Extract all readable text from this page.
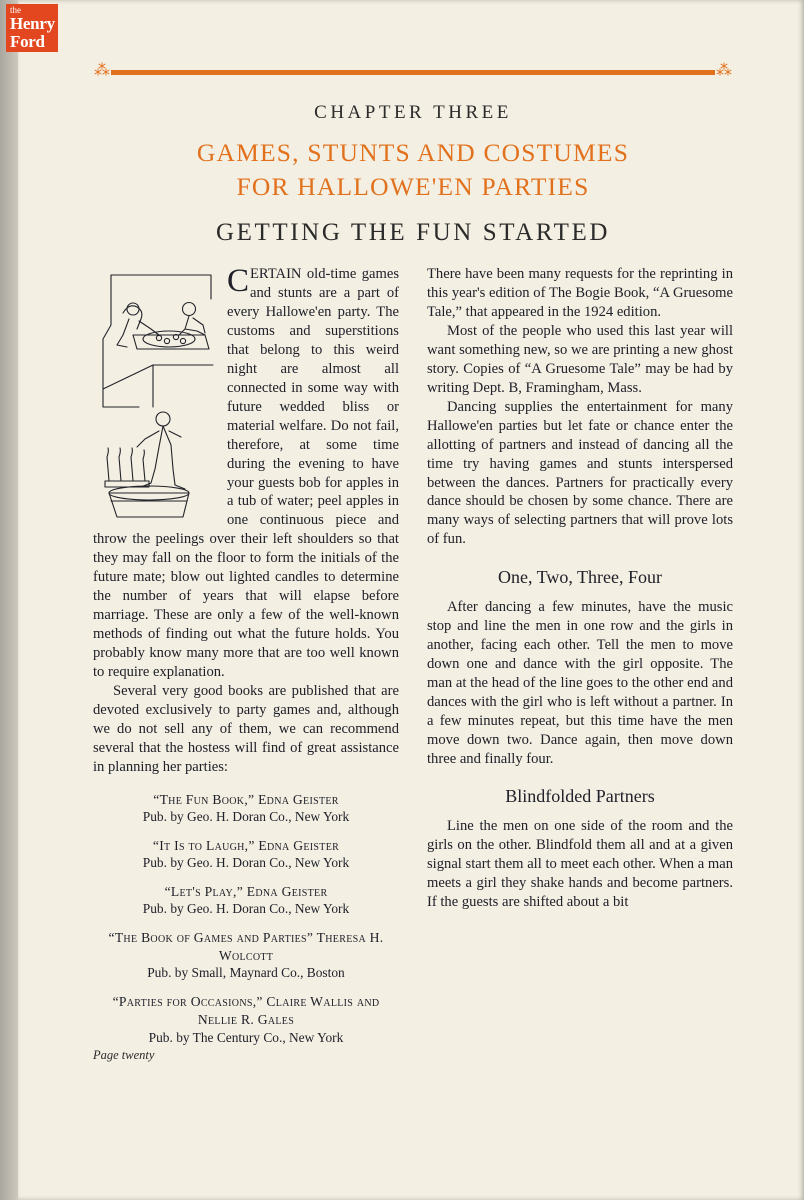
⁂	⁂
CHAPTER THREE
GAMES, STUNTS AND COSTUMES
FOR HALLOWE'EN PARTIES
GETTING THE FUN STARTED

CERTAIN old-time games and stunts are a part of every Hallowe'en party. The customs and superstitions that belong to this weird night are almost all connected in some way with future wedded bliss or material welfare. Do not fail, therefore, at some time during the evening to have your guests bob for apples in a tub of water; peel apples in one continuous piece and throw the peelings over their left shoulders so that they may fall on the floor to form the initials of the future mate; blow out lighted candles to determine the number of years that will elapse before marriage. These are only a few of the well-known methods of finding out what the future holds. You probably know many more that are too well known to require explanation.

Several very good books are published that are devoted exclusively to party games and, although we do not sell any of them, we can recommend several that the hostess will find of great assistance in planning her parties:

“The Fun Book,” Edna Geister
Pub. by Geo. H. Doran Co., New York
“It Is to Laugh,” Edna Geister
Pub. by Geo. H. Doran Co., New York
“Let's Play,” Edna Geister
Pub. by Geo. H. Doran Co., New York
“The Book of Games and Parties” Theresa H. Wolcott
Pub. by Small, Maynard Co., Boston
“Parties for Occasions,” Claire Wallis and Nellie R. Gales
Pub. by The Century Co., New York

There have been many requests for the reprinting in this year's edition of The Bogie Book, “A Gruesome Tale,” that appeared in the 1924 edition.

Most of the people who used this last year will want something new, so we are printing a new ghost story. Copies of “A Gruesome Tale” may be had by writing Dept. B, Framingham, Mass.

Dancing supplies the entertainment for many Hallowe'en parties but let fate or chance enter the allotting of partners and instead of dancing all the time try having games and stunts interspersed between the dances. Partners for practically every dance should be chosen by some chance. There are many ways of selecting partners that will prove lots of fun.

One, Two, Three, Four

After dancing a few minutes, have the music stop and line the men in one row and the girls in another, facing each other. Tell the men to move down one and dance with the girl opposite. The man at the head of the line goes to the other end and dances with the girl who is left without a partner. In a few minutes repeat, but this time have the men move down two. Dance again, then move down three and finally four.

Blindfolded Partners

Line the men on one side of the room and the girls on the other. Blindfold them all and at a given signal start them all to meet each other. When a man meets a girl they shake hands and become partners. If the guests are shifted about a bit

Page twenty
the
Henry
Ford
